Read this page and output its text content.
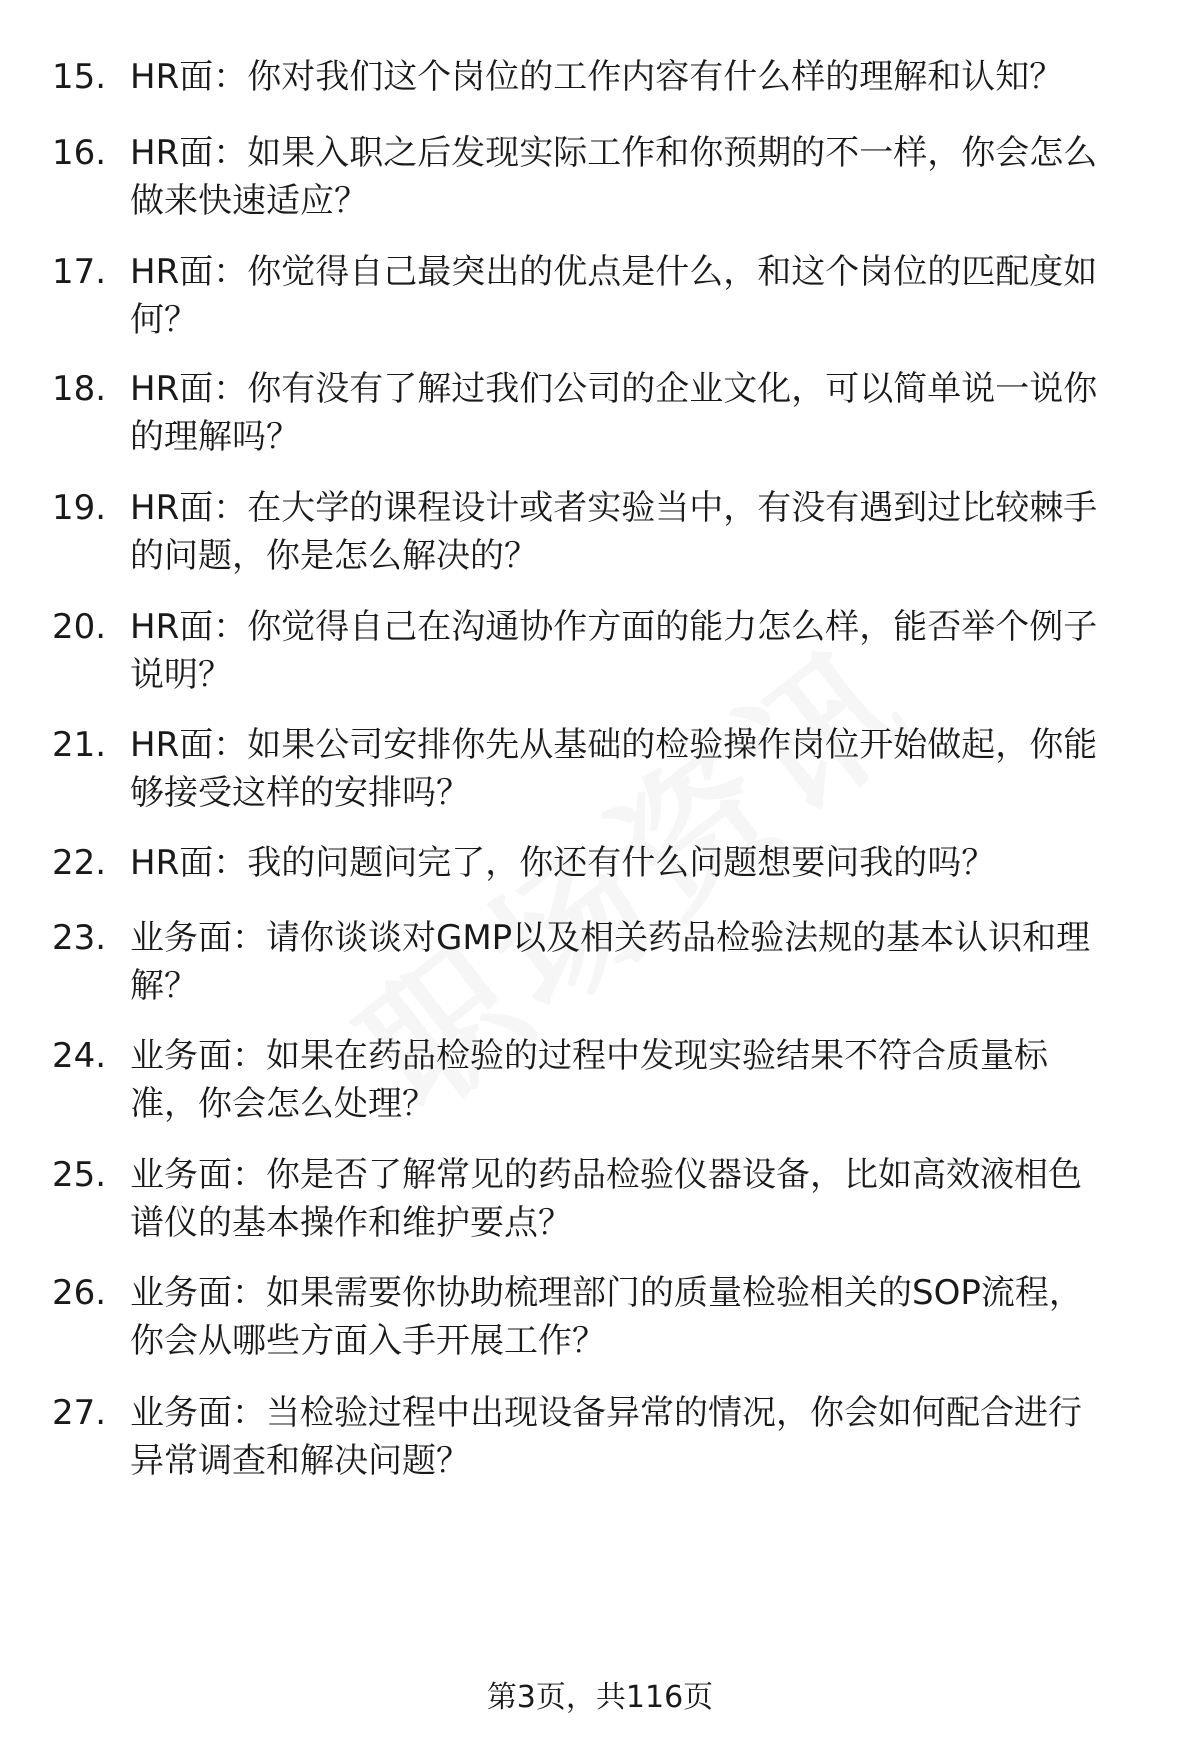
15. HR面：你对我们这个岗位的工作内容有什么样的理解和认知？
16. HR面：如果入职之后发现实际工作和你预期的不一样，你会怎么
做来快速适应？
17. HR面：你觉得自己最突出的优点是什么，和这个岗位的匹配度如
何？
18. HR面：你有没有了解过我们公司的企业文化，可以简单说一说你
的理解吗？
19. HR面：在大学的课程设计或者实验当中，有没有遇到过比较棘手
的问题，你是怎么解决的？
20. HR面：你觉得自己在沟通协作方面的能力怎么样，能否举个例子
说明？
21. HR面：如果公司安排你先从基础的检验操作岗位开始做起，你能
够接受这样的安排吗？
22. HR面：我的问题问完了，你还有什么问题想要问我的吗？
23. 业务面：请你谈谈对GMP以及相关药品检验法规的基本认识和理
解？
24. 业务面：如果在药品检验的过程中发现实验结果不符合质量标
准，你会怎么处理？
25. 业务面：你是否了解常见的药品检验仪器设备，比如高效液相色
谱仪的基本操作和维护要点？
26. 业务面：如果需要你协助梳理部门的质量检验相关的SOP流程，
你会从哪些方面入手开展工作？
27. 业务面：当检验过程中出现设备异常的情况，你会如何配合进行
异常调查和解决问题？
第3页，共116页
